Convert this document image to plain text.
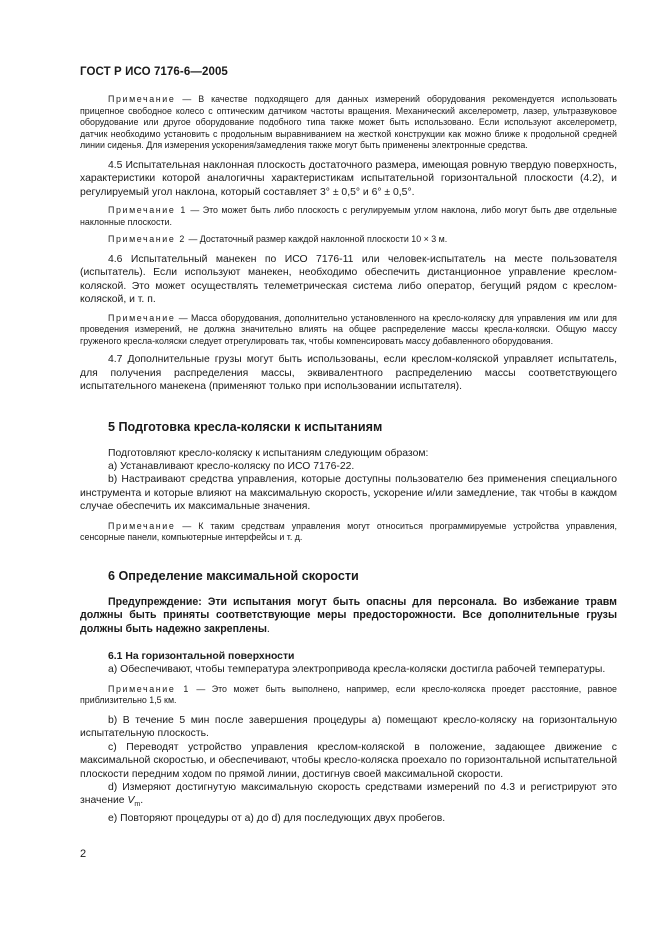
ГОСТ Р ИСО 7176-6—2005

Примечание — В качестве подходящего для данных измерений оборудования рекомендуется использовать прицепное свободное колесо с оптическим датчиком частоты вращения. Механический акселерометр, лазер, ультразвуковое оборудование или другое оборудование подобного типа также может быть использовано. Если используют акселерометр, датчик необходимо установить с продольным выравниванием на жесткой конструкции как можно ближе к продольной средней линии сиденья. Для измерения ускорения/замедления также могут быть применены электронные средства.

4.5 Испытательная наклонная плоскость достаточного размера, имеющая ровную твердую поверхность, характеристики которой аналогичны характеристикам испытательной горизонтальной плоскости (4.2), и регулируемый угол наклона, который составляет 3° ± 0,5° и 6° ± 0,5°.

Примечание 1 — Это может быть либо плоскость с регулируемым углом наклона, либо могут быть две отдельные наклонные плоскости.

Примечание 2 — Достаточный размер каждой наклонной плоскости 10 × 3 м.

4.6 Испытательный манекен по ИСО 7176-11 или человек-испытатель на месте пользователя (испытатель). Если используют манекен, необходимо обеспечить дистанционное управление креслом-коляской. Это может осуществлять телеметрическая система либо оператор, бегущий рядом с креслом-коляской, и т. п.

Примечание — Масса оборудования, дополнительно установленного на кресло-коляску для управления им или для проведения измерений, не должна значительно влиять на общее распределение массы кресла-коляски. Общую массу груженого кресла-коляски следует отрегулировать так, чтобы компенсировать массу добавленного оборудования.

4.7 Дополнительные грузы могут быть использованы, если креслом-коляской управляет испытатель, для получения распределения массы, эквивалентного распределению массы соответствующего испытательного манекена (применяют только при использовании испытателя).

5 Подготовка кресла-коляски к испытаниям

Подготовляют кресло-коляску к испытаниям следующим образом:

a) Устанавливают кресло-коляску по ИСО 7176-22.

b) Настраивают средства управления, которые доступны пользователю без применения специального инструмента и которые влияют на максимальную скорость, ускорение и/или замедление, так чтобы в каждом случае обеспечить их максимальные значения.

Примечание — К таким средствам управления могут относиться программируемые устройства управления, сенсорные панели, компьютерные интерфейсы и т. д.

6 Определение максимальной скорости

Предупреждение: Эти испытания могут быть опасны для персонала. Во избежание травм должны быть приняты соответствующие меры предосторожности. Все дополнительные грузы должны быть надежно закреплены.

6.1 На горизонтальной поверхности

a) Обеспечивают, чтобы температура электропривода кресла-коляски достигла рабочей температуры.

Примечание 1 — Это может быть выполнено, например, если кресло-коляска проедет расстояние, равное приблизительно 1,5 км.

b) В течение 5 мин после завершения процедуры a) помещают кресло-коляску на горизонтальную испытательную плоскость.

c) Переводят устройство управления креслом-коляской в положение, задающее движение с максимальной скоростью, и обеспечивают, чтобы кресло-коляска проехало по горизонтальной испытательной плоскости передним ходом по прямой линии, достигнув своей максимальной скорости.

d) Измеряют достигнутую максимальную скорость средствами измерений по 4.3 и регистрируют это значение $V_m$.

e) Повторяют процедуры от a) до d) для последующих двух пробегов.

2
